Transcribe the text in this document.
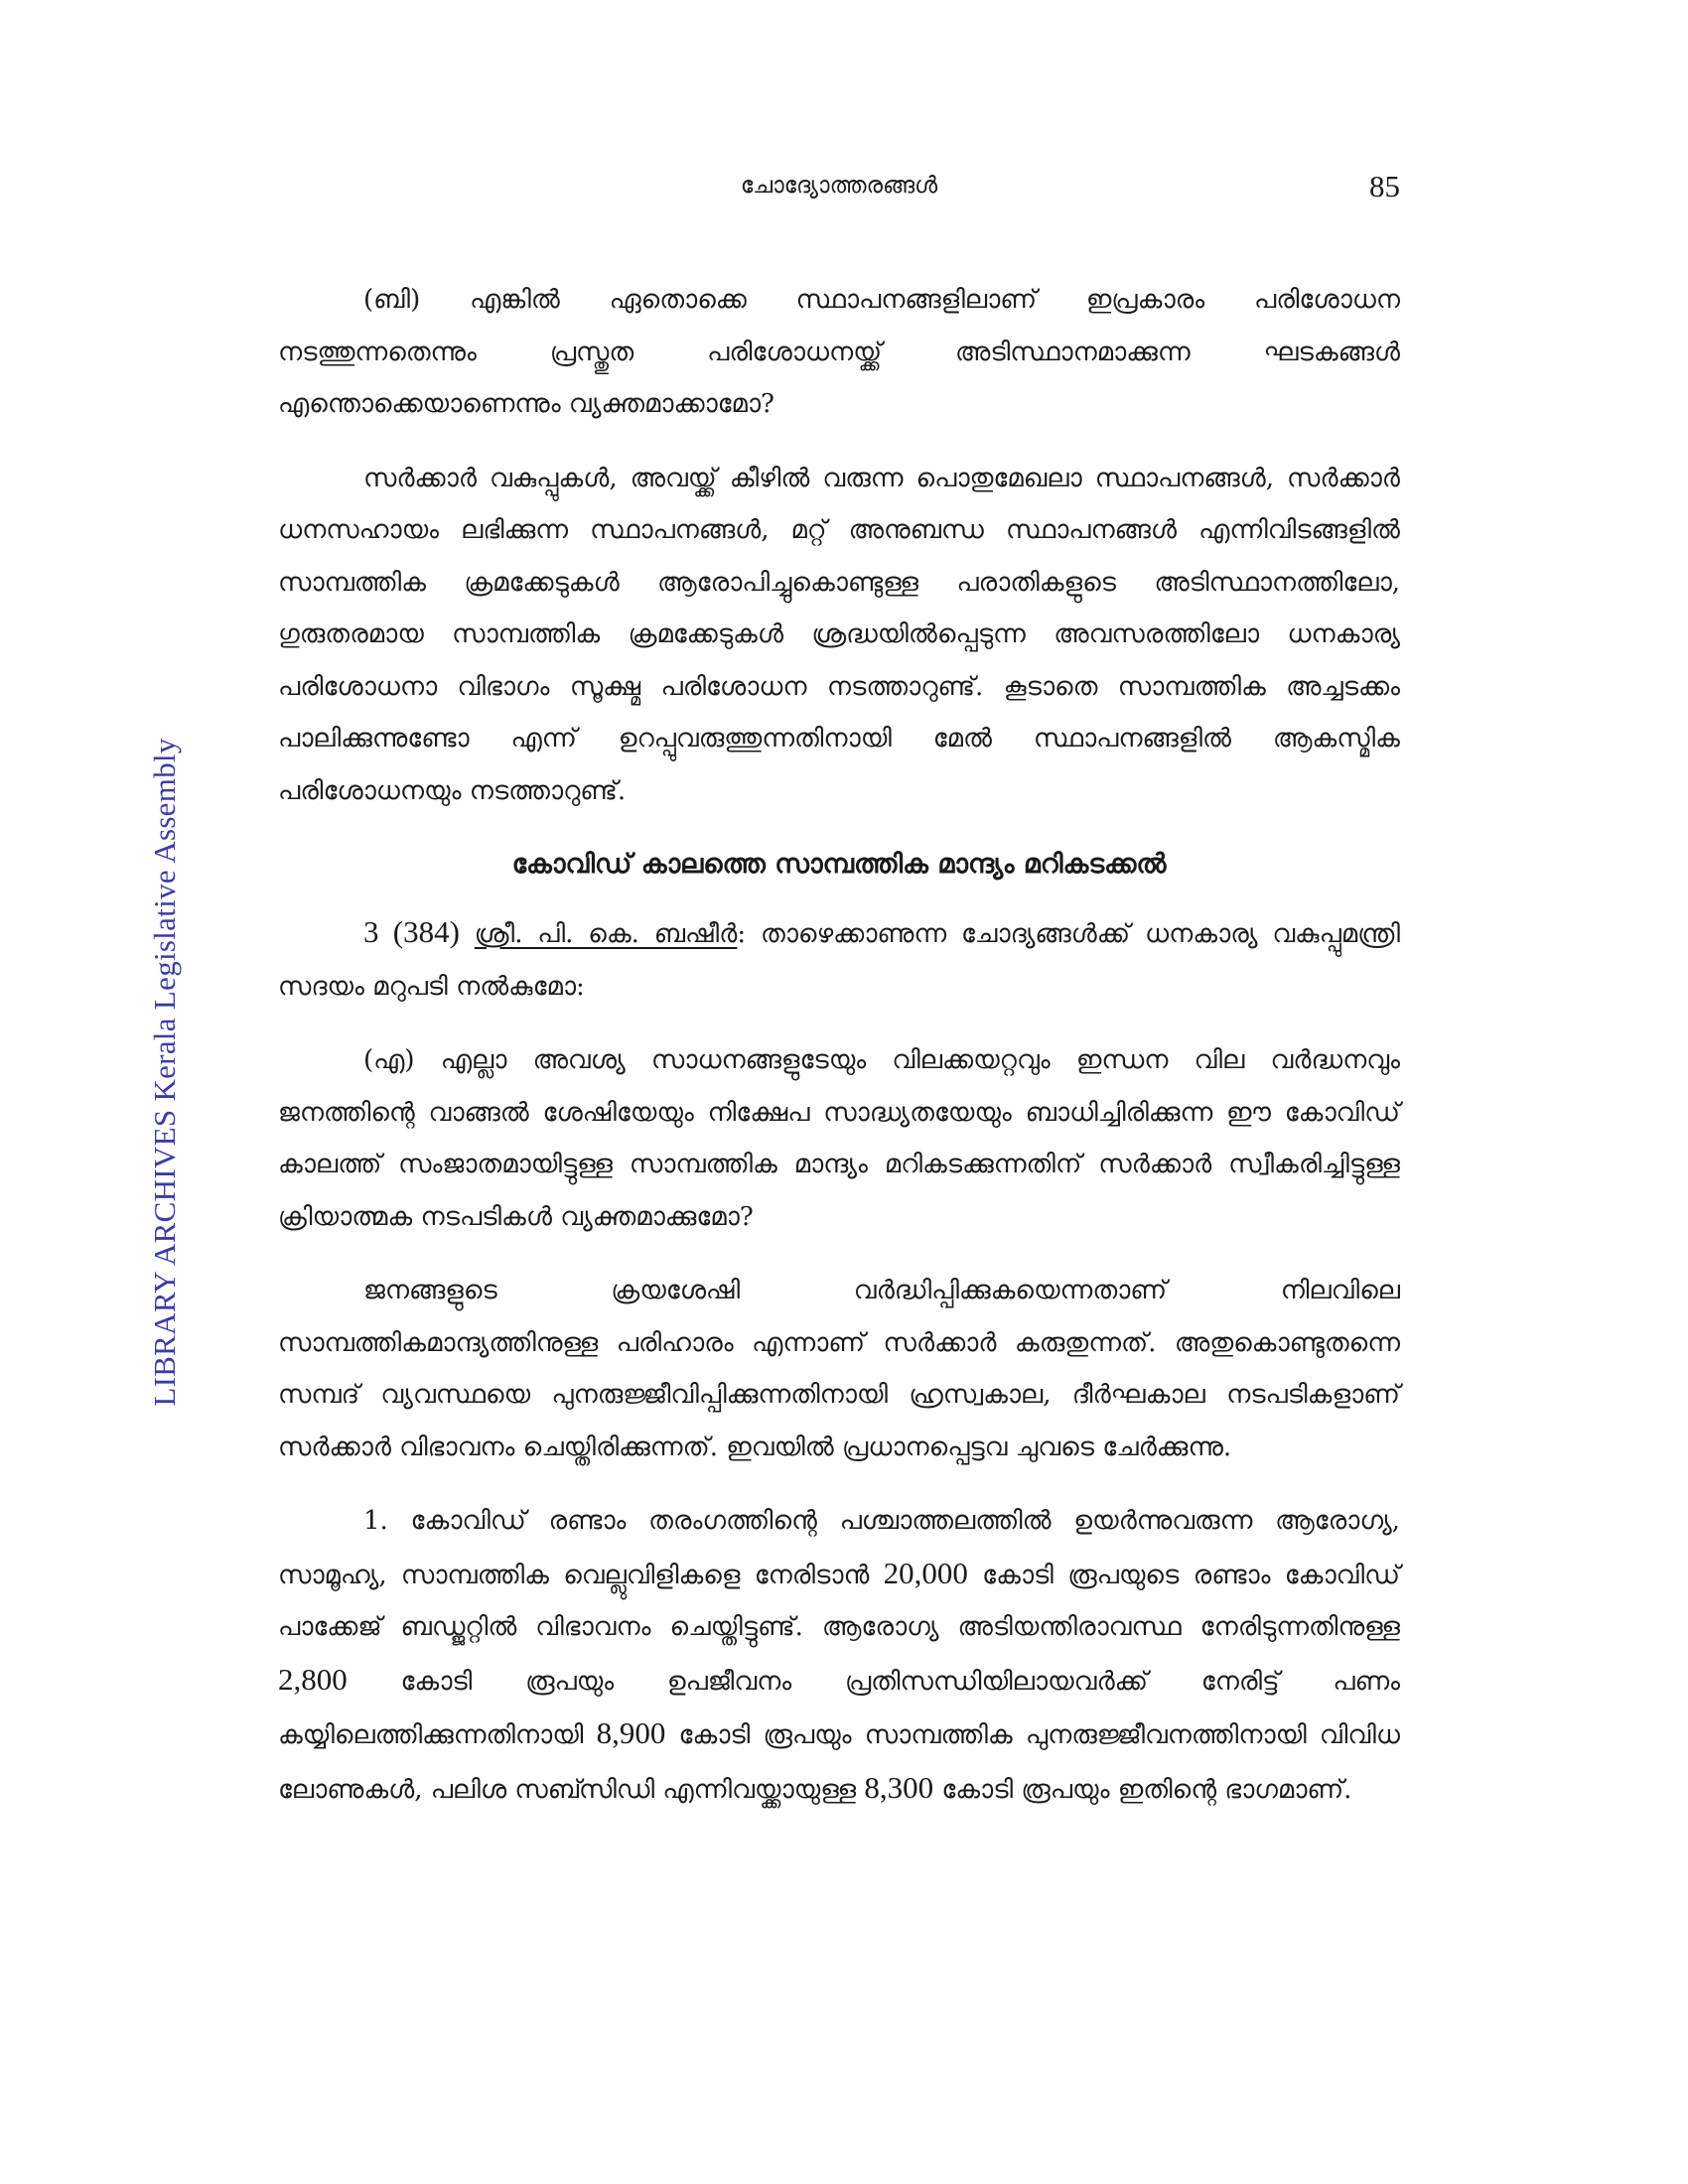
ചോദ്യോത്തരങ്ങൾ	85
LIBRARY ARCHIVES Kerala Legislative Assembly

(ബി) എങ്കിൽ ഏതൊക്കെ സ്ഥാപനങ്ങളിലാണ് ഇപ്രകാരം പരിശോധന നടത്തുന്നതെന്നും പ്രസ്തുത പരിശോധനയ്ക്ക് അടിസ്ഥാനമാക്കുന്ന ഘടകങ്ങൾ എന്തൊക്കെയാണെന്നും വ്യക്തമാക്കാമോ?

സർക്കാർ വകുപ്പുകൾ, അവയ്ക്ക് കീഴിൽ വരുന്ന പൊതുമേഖലാ സ്ഥാപനങ്ങൾ, സർക്കാർ ധനസഹായം ലഭിക്കുന്ന സ്ഥാപനങ്ങൾ, മറ്റ് അനുബന്ധ സ്ഥാപനങ്ങൾ എന്നിവിടങ്ങളിൽ സാമ്പത്തിക ക്രമക്കേടുകൾ ആരോപിച്ചുകൊണ്ടുള്ള പരാതികളുടെ അടിസ്ഥാനത്തിലോ, ഗുരുതരമായ സാമ്പത്തിക ക്രമക്കേടുകൾ ശ്രദ്ധയിൽപ്പെടുന്ന അവസരത്തിലോ ധനകാര്യ പരിശോധനാ വിഭാഗം സൂക്ഷ്മ പരിശോധന നടത്താറുണ്ട്. കൂടാതെ സാമ്പത്തിക അച്ചടക്കം പാലിക്കുന്നുണ്ടോ എന്ന് ഉറപ്പുവരുത്തുന്നതിനായി മേൽ സ്ഥാപനങ്ങളിൽ ആകസ്മിക പരിശോധനയും നടത്താറുണ്ട്.

കോവിഡ് കാലത്തെ സാമ്പത്തിക മാന്ദ്യം മറികടക്കൽ

3 (384) ശ്രീ. പി. കെ. ബഷീർ: താഴെക്കാണുന്ന ചോദ്യങ്ങൾക്ക് ധനകാര്യ വകുപ്പുമന്ത്രി സദയം മറുപടി നൽകുമോ:

(എ) എല്ലാ അവശ്യ സാധനങ്ങളുടേയും വിലക്കയറ്റവും ഇന്ധന വില വർദ്ധനവും ജനത്തിന്റെ വാങ്ങൽ ശേഷിയേയും നിക്ഷേപ സാദ്ധ്യതയേയും ബാധിച്ചിരിക്കുന്ന ഈ കോവിഡ് കാലത്ത് സംജാതമായിട്ടുള്ള സാമ്പത്തിക മാന്ദ്യം മറികടക്കുന്നതിന് സർക്കാർ സ്വീകരിച്ചിട്ടുള്ള ക്രിയാത്മക നടപടികൾ വ്യക്തമാക്കുമോ?

ജനങ്ങളുടെ ക്രയശേഷി വർദ്ധിപ്പിക്കുകയെന്നതാണ് നിലവിലെ സാമ്പത്തികമാന്ദ്യത്തിനുള്ള പരിഹാരം എന്നാണ് സർക്കാർ കരുതുന്നത്. അതുകൊണ്ടുതന്നെ സമ്പദ് വ്യവസ്ഥയെ പുനരുജ്ജീവിപ്പിക്കുന്നതിനായി ഹ്രസ്വകാല, ദീർഘകാല നടപടികളാണ് സർക്കാർ വിഭാവനം ചെയ്തിരിക്കുന്നത്. ഇവയിൽ പ്രധാനപ്പെട്ടവ ചുവടെ ചേർക്കുന്നു.

1. കോവിഡ് രണ്ടാം തരംഗത്തിന്റെ പശ്ചാത്തലത്തിൽ ഉയർന്നുവരുന്ന ആരോഗ്യ, സാമൂഹ്യ, സാമ്പത്തിക വെല്ലുവിളികളെ നേരിടാൻ 20,000 കോടി രൂപയുടെ രണ്ടാം കോവിഡ് പാക്കേജ് ബഡ്ജറ്റിൽ വിഭാവനം ചെയ്തിട്ടുണ്ട്. ആരോഗ്യ അടിയന്തിരാവസ്ഥ നേരിടുന്നതിനുള്ള 2,800 കോടി രൂപയും ഉപജീവനം പ്രതിസന്ധിയിലായവർക്ക് നേരിട്ട് പണം കയ്യിലെത്തിക്കുന്നതിനായി 8,900 കോടി രൂപയും സാമ്പത്തിക പുനരുജ്ജീവനത്തിനായി വിവിധ ലോണുകൾ, പലിശ സബ്സിഡി എന്നിവയ്ക്കായുള്ള 8,300 കോടി രൂപയും ഇതിന്റെ ഭാഗമാണ്.
